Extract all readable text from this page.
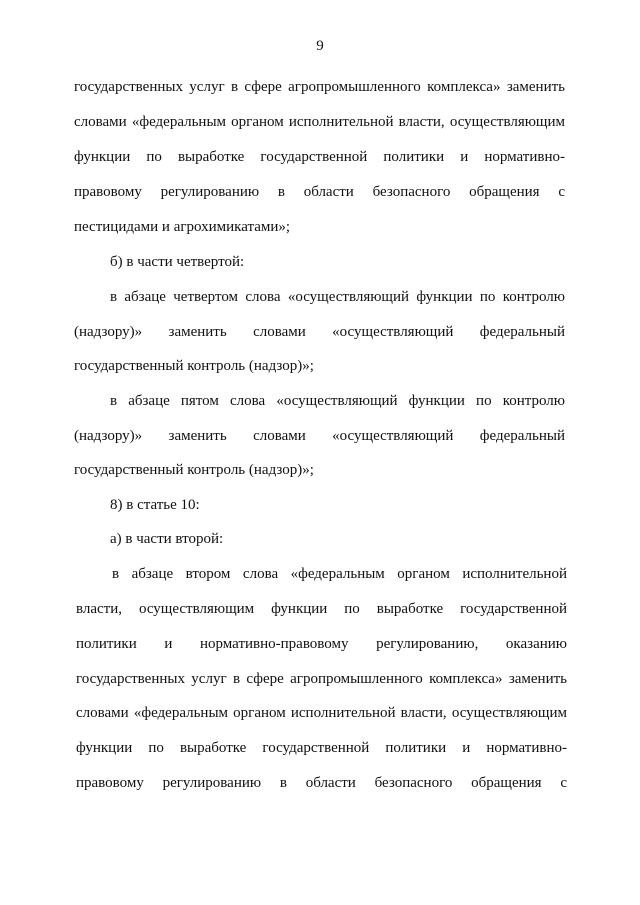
9
государственных услуг в сфере агропромышленного комплекса» заменить
словами «федеральным органом исполнительной власти, осуществляющим
функции по выработке государственной политики и нормативно-
правовому регулированию в области безопасного обращения с
пестицидами и агрохимикатами»;
б) в части четвертой:
в абзаце четвертом слова «осуществляющий функции по контролю
(надзору)» заменить словами «осуществляющий федеральный
государственный контроль (надзор)»;
в абзаце пятом слова «осуществляющий функции по контролю
(надзору)» заменить словами «осуществляющий федеральный
государственный контроль (надзор)»;
8) в статье 10:
а) в части второй:
в абзаце втором слова «федеральным органом исполнительной
власти, осуществляющим функции по выработке государственной
политики и нормативно-правовому регулированию, оказанию
государственных услуг в сфере агропромышленного комплекса» заменить
словами «федеральным органом исполнительной власти, осуществляющим
функции по выработке государственной политики и нормативно-
правовому регулированию в области безопасного обращения с
